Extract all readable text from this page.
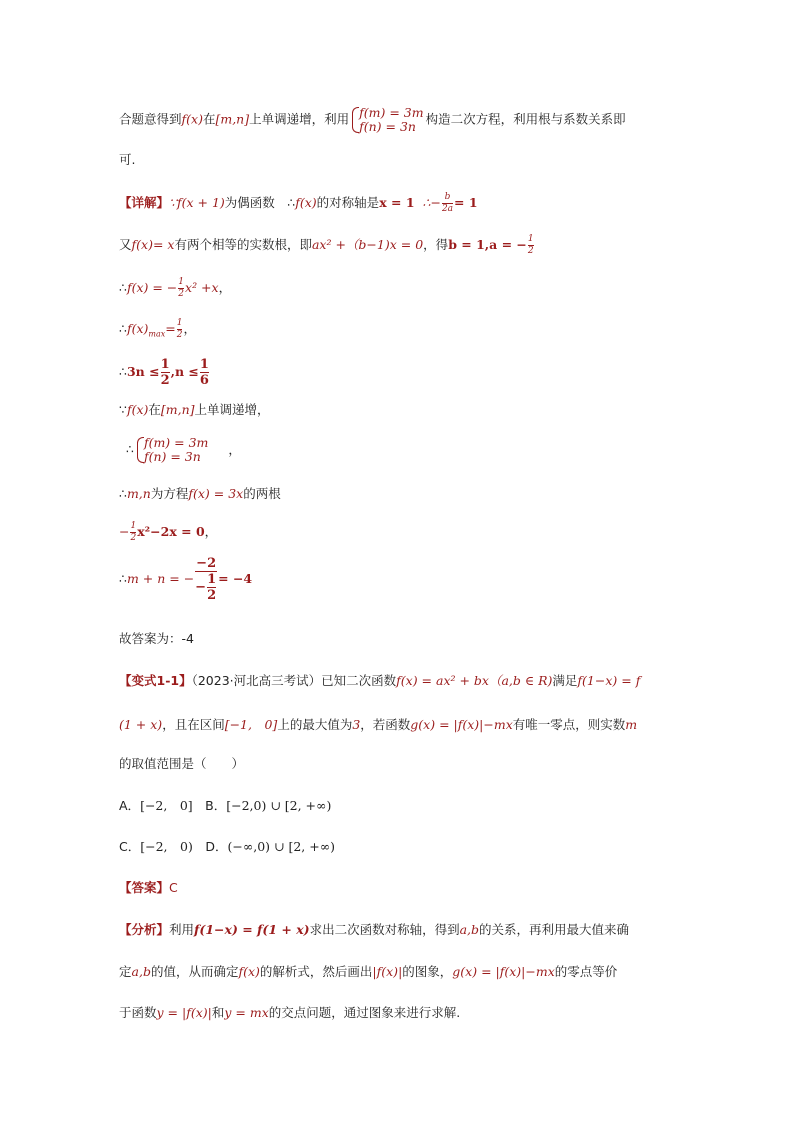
合题意得到f(x)在[m,n]上单调递增，利用 f(m) = 3m
f(n) = 3n 构造二次方程，利用根与系数关系即
可.
【详解】∵f(x + 1)为偶函数　∴f(x)的对称轴是x = 1 ∴− $\frac{b}{2a} = 1$
又f(x)= x有两个相等的实数根，即ax² +（b−1)x = 0，得b = 1,a = − $\frac{1}{2}$
∴f(x) = − $\frac{1}{2} x^2 +x$，
$\therefore f(x)_{max}= \frac{1}{2}$ ，
∴3n ≤ $\frac{1}{2} ,n \le \frac{1}{6}$
∵f(x)在[m,n]上单调递增，
∴ f(m) = 3m
f(n) = 3n	，
∴m,n为方程f(x) = 3x的两根
− $\frac{1}{2} x^2-2x = 0$，
∴m + n = − $\frac{-2}{- \frac{1}{2}} = -4$
故答案为：-4
【变式1-1】（2023·河北高三考试）已知二次函数f(x) = ax² + bx（a,b ∈ R)满足f(1−x) = f
(1 + x)，且在区间[−1,　0]上的最大值为3，若函数g(x) = |f(x)|−mx有唯一零点，则实数m
的取值范围是（　　）
A．[−2,　0]　B．[−2,0) ∪ [2, +∞)
C．[−2,　0)　D．(−∞,0) ∪ [2, +∞)
【答案】C
【分析】利用f(1−x) = f(1 + x)求出二次函数对称轴，得到a,b的关系，再利用最大值来确
定a,b的值，从而确定f(x)的解析式，然后画出|f(x)|的图象，g(x) = |f(x)|−mx的零点等价
于函数y = |f(x)|和y = mx的交点问题，通过图象来进行求解.
